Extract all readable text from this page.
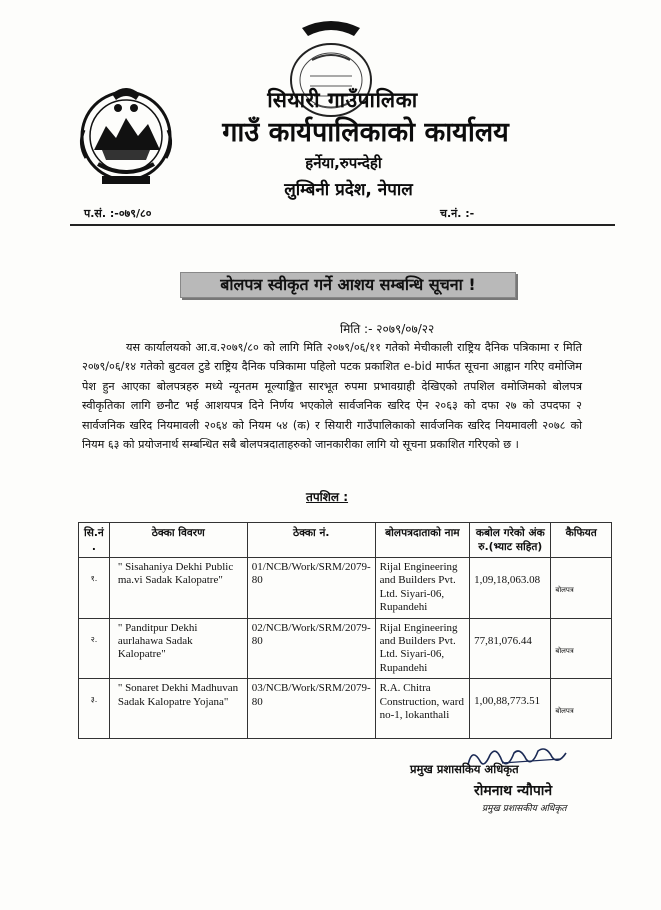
सियारी गाउँपालिका
गाउँ कार्यपालिकाको कार्यालय
हर्नेया,रुपन्देही
लुम्बिनी प्रदेश, नेपाल
प.सं. :-०७९/८०	च.नं. :-
बोलपत्र स्वीकृत गर्ने आशय सम्बन्धि सूचना !
मिति :- २०७९/०७/२२

यस कार्यालयको आ.व.२०७९/८० को लागि मिति २०७९/०६/११ गतेको मेचीकाली राष्ट्रिय दैनिक पत्रिकामा र मिति २०७९/०६/१४ गतेको बुटवल टुडे राष्ट्रिय दैनिक पत्रिकामा पहिलो पटक प्रकाशित e-bid मार्फत सूचना आह्वान गरिए वमोजिम पेश हुन आएका बोलपत्रहरु मध्ये न्यूनतम मूल्याङ्कित सारभूत रुपमा प्रभावग्राही देखिएको तपशिल वमोजिमको बोलपत्र स्वीकृतिका लागि छनौट भई आशयपत्र दिने निर्णय भएकोले सार्वजनिक खरिद ऐन २०६३ को दफा २७ को उपदफा २ सार्वजनिक खरिद नियमावली २०६४ को नियम ५४ (क) र सियारी गाउँपालिकाको सार्वजनिक खरिद नियमावली २०७८ को नियम ६३ को प्रयोजनार्थ सम्बन्धित सबै बोलपत्रदाताहरुको जानकारीका लागि यो सूचना प्रकाशित गरिएको छ ।

तपशिल :
सि.नं .	ठेक्का विवरण	ठेक्का नं.	बोलपत्रदाताको नाम	कबोल गरेको अंक रु.(भ्याट सहित)	कैफियत
१.	" Sisahaniya Dekhi Public ma.vi Sadak Kalopatre"	01/NCB/Work/SRM/2079-80	Rijal Engineering and Builders Pvt. Ltd. Siyari-06, Rupandehi	1,09,18,063.08	बोलपत्र
२.	" Panditpur Dekhi aurlahawa Sadak Kalopatre"	02/NCB/Work/SRM/2079-80	Rijal Engineering and Builders Pvt. Ltd. Siyari-06, Rupandehi	77,81,076.44	बोलपत्र
३.	" Sonaret Dekhi Madhuvan Sadak Kalopatre Yojana"	03/NCB/Work/SRM/2079-80	R.A. Chitra Construction, ward no-1, lokanthali	1,00,88,773.51	बोलपत्र
प्रमुख प्रशासकिय अधिकृत
रोमनाथ न्यौपाने
प्रमुख प्रशासकीय अधिकृत
